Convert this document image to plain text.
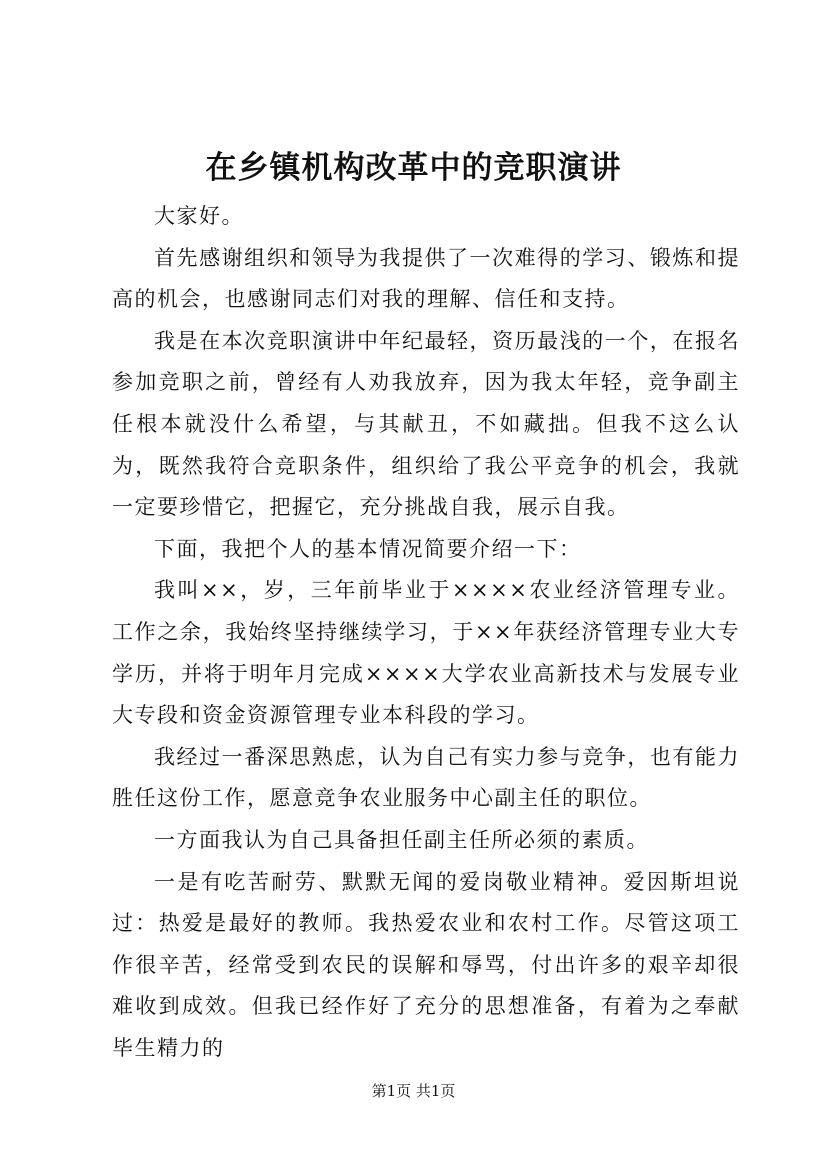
在乡镇机构改革中的竞职演讲

大家好。

首先感谢组织和领导为我提供了一次难得的学习、锻炼和提高的机会，也感谢同志们对我的理解、信任和支持。

我是在本次竞职演讲中年纪最轻，资历最浅的一个，在报名参加竞职之前，曾经有人劝我放弃，因为我太年轻，竞争副主任根本就没什么希望，与其献丑，不如藏拙。但我不这么认为，既然我符合竞职条件，组织给了我公平竞争的机会，我就一定要珍惜它，把握它，充分挑战自我，展示自我。

下面，我把个人的基本情况简要介绍一下：

我叫××，岁，三年前毕业于××××农业经济管理专业。工作之余，我始终坚持继续学习，于××年获经济管理专业大专学历，并将于明年月完成××××大学农业高新技术与发展专业大专段和资金资源管理专业本科段的学习。

我经过一番深思熟虑，认为自己有实力参与竞争，也有能力胜任这份工作，愿意竞争农业服务中心副主任的职位。

一方面我认为自己具备担任副主任所必须的素质。

一是有吃苦耐劳、默默无闻的爱岗敬业精神。爱因斯坦说过：热爱是最好的教师。我热爱农业和农村工作。尽管这项工作很辛苦，经常受到农民的误解和辱骂，付出许多的艰辛却很难收到成效。但我已经作好了充分的思想准备，有着为之奉献毕生精力的

第1页 共1页
